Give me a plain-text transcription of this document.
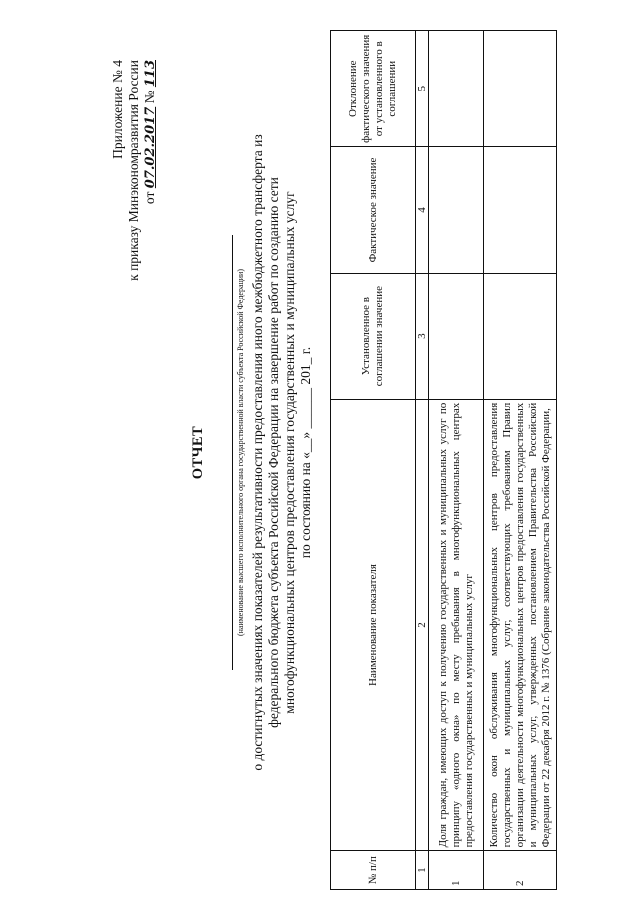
Приложение № 4 к приказу Минэкономразвития России от 07.02.2017 № 113
ОТЧЕТ	(наименование высшего исполнительного органа государственной власти субъекта Российской Федерации) о достигнутых значениях показателей результативности предоставления иного межбюджетного трансферта из федерального бюджета субъекта Российской Федерации на завершение работ по созданию сети многофункциональных центров предоставления государственных и муниципальных услуг по состоянию на «__» ______ 201_ г.
№ п/п	Наименование показателя	Установленное в соглашении значение	Фактическое значение	Отклонение фактического значения от установленного в соглашении
1	2	3	4	5
1	Доля граждан, имеющих доступ к получению государственных и муниципальных услуг по принципу «одного окна» по месту пребывания в многофункциональных центрах предоставления государственных и муниципальных услуг			
2	Количество окон обслуживания многофункциональных центров предоставления государственных и муниципальных услуг, соответствующих требованиям Правил организации деятельности многофункциональных центров предоставления государственных и муниципальных услуг, утвержденных постановлением Правительства Российской Федерации от 22 декабря 2012 г. № 1376 (Собрание законодательства Российской Федерации,			
